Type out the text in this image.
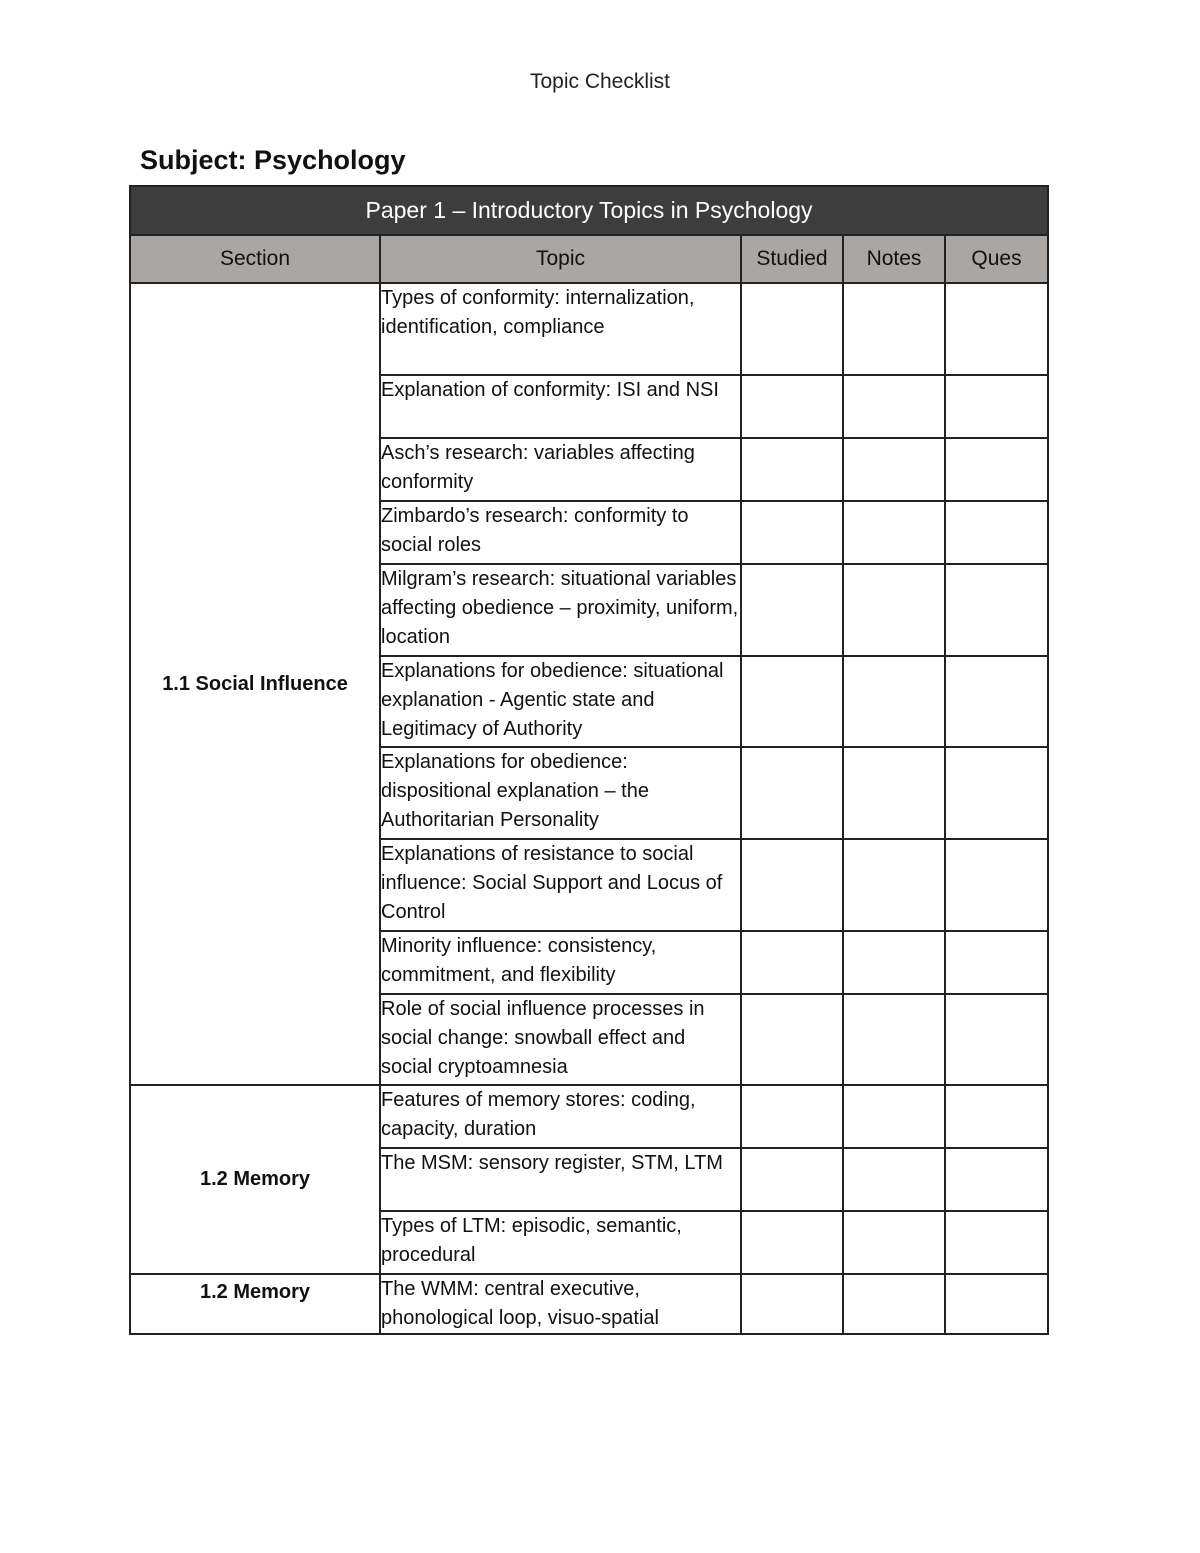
Topic Checklist
Subject: Psychology
Paper 1 – Introductory Topics in Psychology				
Section	Topic	Studied	Notes	Ques
1.1 Social Influence	Types of conformity: internalization, identification, compliance			
	Explanation of conformity: ISI and NSI			
	Asch’s research: variables affecting conformity			
	Zimbardo’s research: conformity to social roles			
	Milgram’s research: situational variables affecting obedience – proximity, uniform, location			
	Explanations for obedience: situational explanation - Agentic state and Legitimacy of Authority			
	Explanations for obedience: dispositional explanation – the Authoritarian Personality			
	Explanations of resistance to social influence: Social Support and Locus of Control			
	Minority influence: consistency, commitment, and flexibility			
	Role of social influence processes in social change: snowball effect and social cryptoamnesia			
1.2 Memory	Features of memory stores: coding, capacity, duration			
	The MSM: sensory register, STM, LTM			
	Types of LTM: episodic, semantic, procedural			
1.2 Memory	The WMM: central executive, phonological loop, visuo-spatial			
